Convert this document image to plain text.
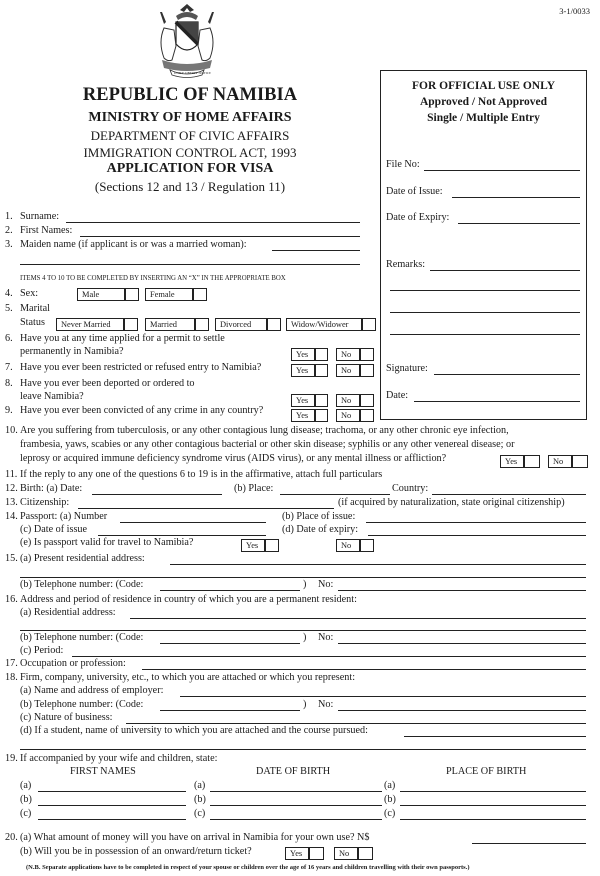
3-1/0033
UNITY LIBERTY JUSTICE
REPUBLIC OF NAMIBIA
MINISTRY OF HOME AFFAIRS
DEPARTMENT OF CIVIC AFFAIRS
IMMIGRATION CONTROL ACT, 1993
APPLICATION FOR VISA
(Sections 12 and 13 / Regulation 11)
FOR OFFICIAL USE ONLY
Approved / Not Approved
Single / Multiple Entry
File No:
Date of Issue:
Date of Expiry:
Remarks:
Signature:
Date:
1. Surname:
2. First Names:
3. Maiden name (if applicant is or was a married woman):
ITEMS 4 TO 10 TO BE COMPLETED BY INSERTING AN “X” IN THE APPROPRIATE BOX
4. Sex:	Male	Female
5. Marital
Status	Never Married	Married	Divorced	Widow/Widower
6. Have you at any time applied for a permit to settle
permanently in Namibia?	Yes	No
7. Have you ever been restricted or refused entry to Namibia?	Yes	No
8. Have you ever been deported or ordered to
leave Namibia?	Yes	No
9. Have you ever been convicted of any crime in any country?	Yes	No
10. Are you suffering from tuberculosis, or any other contagious lung disease; trachoma, or any other chronic eye infection,
frambesia, yaws, scabies or any other contagious bacterial or other skin disease; syphilis or any other venereal disease; or
leprosy or acquired immune deficiency syndrome virus (AIDS virus), or any mental illness or affliction?	Yes	No
11. If the reply to any one of the questions 6 to 19 is in the affirmative, attach full particulars
12. Birth: (a) Date:	(b) Place:	Country:
13. Citizenship:	(if acquired by naturalization, state original citizenship)
14. Passport: (a) Number	(b) Place of issue:
(c) Date of issue	(d) Date of expiry:
(e) Is passport valid for travel to Namibia?	Yes	No
15. (a) Present residential address:
(b) Telephone number: (Code:	) No:
16. Address and period of residence in country of which you are a permanent resident:
(a) Residential address:
(b) Telephone number: (Code:	) No:
(c) Period:
17. Occupation or profession:
18. Firm, company, university, etc., to which you are attached or which you represent:
(a) Name and address of employer:
(b) Telephone number: (Code:	) No:
(c) Nature of business:
(d) If a student, name of university to which you are attached and the course pursued:
19. If accompanied by your wife and children, state:
FIRST NAMES	DATE OF BIRTH	PLACE OF BIRTH
(a)	(a)	(a)
(b)	(b)	(b)
(c)	(c)	(c)
20. (a) What amount of money will you have on arrival in Namibia for your own use? N$
(b) Will you be in possession of an onward/return ticket?	Yes	No
(N.B. Separate applications have to be completed in respect of your spouse or children over the age of 16 years and children travelling with their own passports.)
